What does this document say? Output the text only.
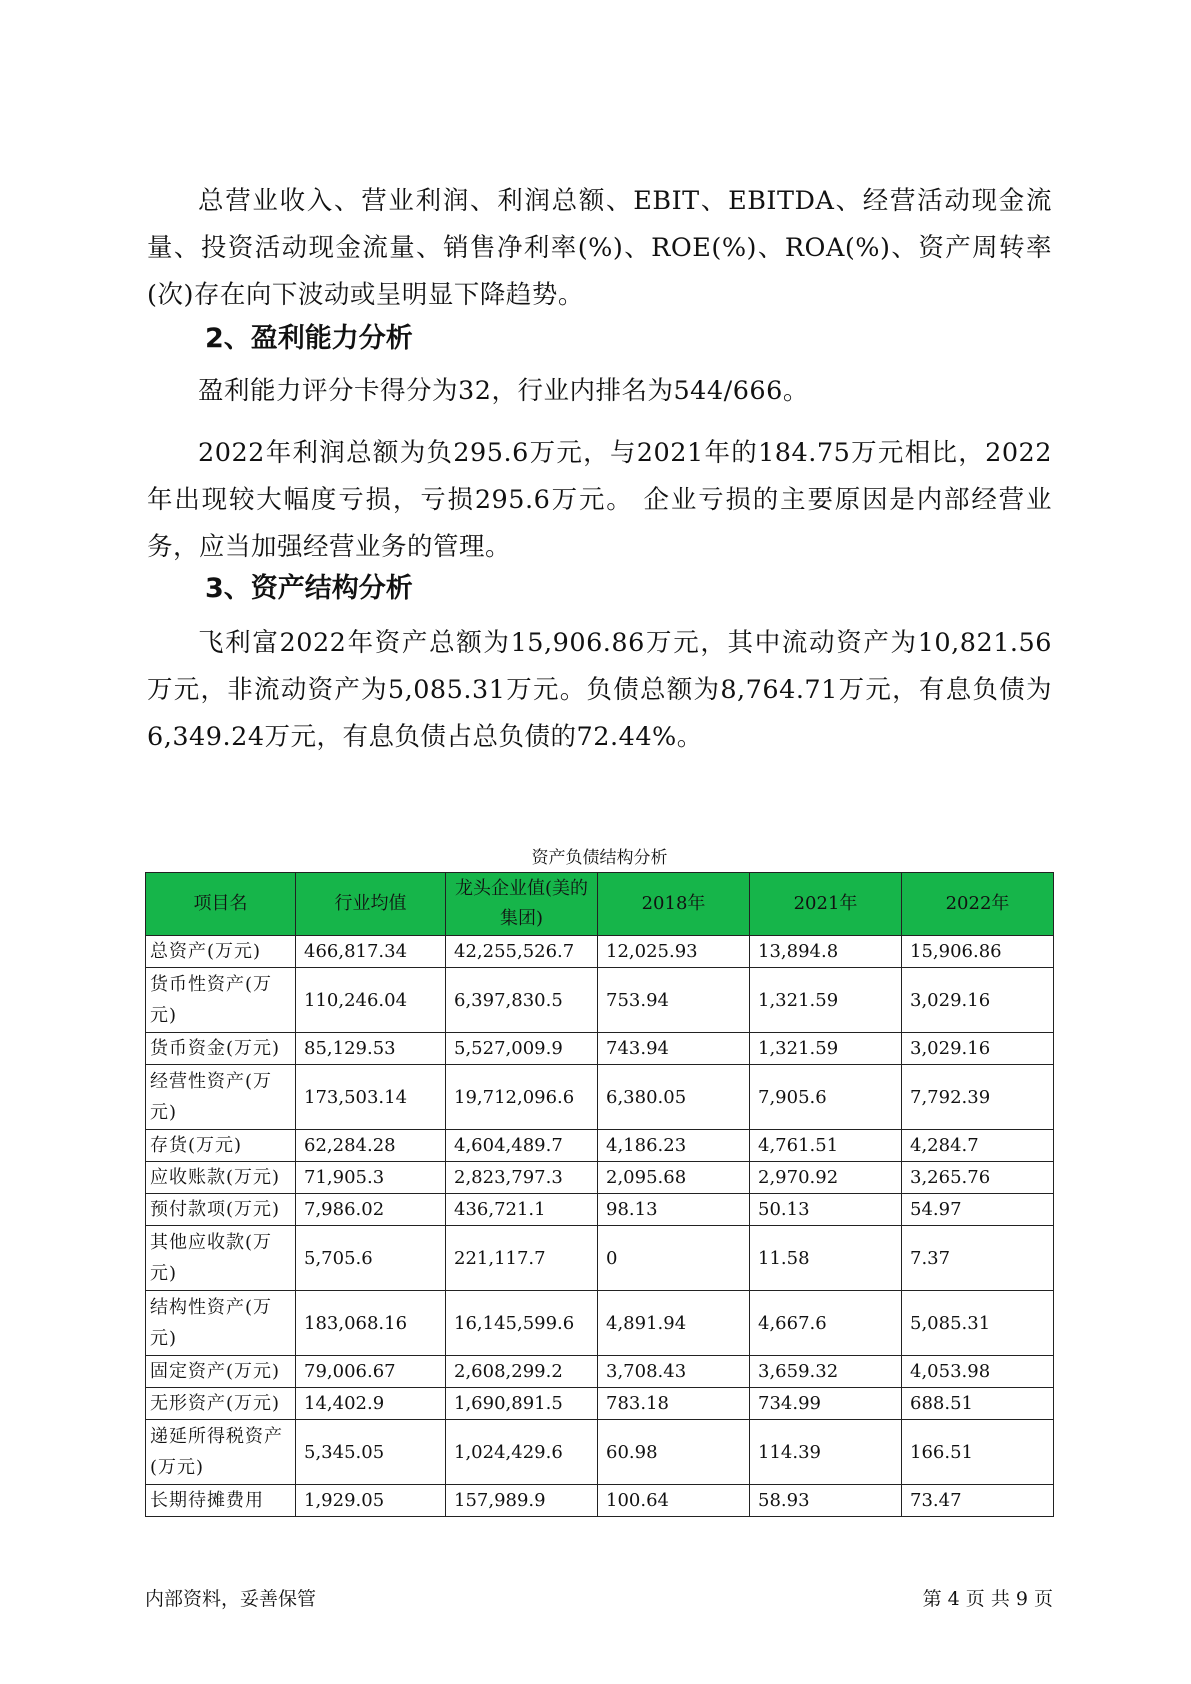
总营业收入、营业利润、利润总额、EBIT、EBITDA、经营活动现金流量、投资活动现金流量、销售净利率(%)、ROE(%)、ROA(%)、资产周转率(次)存在向下波动或呈明显下降趋势。

2、盈利能力分析

盈利能力评分卡得分为32，行业内排名为544/666。

2022年利润总额为负295.6万元，与2021年的184.75万元相比，2022年出现较大幅度亏损，亏损295.6万元。 企业亏损的主要原因是内部经营业务，应当加强经营业务的管理。

3、资产结构分析

飞利富2022年资产总额为15,906.86万元，其中流动资产为10,821.56万元，非流动资产为5,085.31万元。负债总额为8,764.71万元，有息负债为6,349.24万元，有息负债占总负债的72.44%。

资产负债结构分析
项目名	行业均值	龙头企业值(美的集团)	2018年	2021年	2022年
总资产(万元)	466,817.34	42,255,526.7	12,025.93	13,894.8	15,906.86
货币性资产(万元)	110,246.04	6,397,830.5	753.94	1,321.59	3,029.16
货币资金(万元)	85,129.53	5,527,009.9	743.94	1,321.59	3,029.16
经营性资产(万元)	173,503.14	19,712,096.6	6,380.05	7,905.6	7,792.39
存货(万元)	62,284.28	4,604,489.7	4,186.23	4,761.51	4,284.7
应收账款(万元)	71,905.3	2,823,797.3	2,095.68	2,970.92	3,265.76
预付款项(万元)	7,986.02	436,721.1	98.13	50.13	54.97
其他应收款(万元)	5,705.6	221,117.7	0	11.58	7.37
结构性资产(万元)	183,068.16	16,145,599.6	4,891.94	4,667.6	5,085.31
固定资产(万元)	79,006.67	2,608,299.2	3,708.43	3,659.32	4,053.98
无形资产(万元)	14,402.9	1,690,891.5	783.18	734.99	688.51
递延所得税资产(万元)	5,345.05	1,024,429.6	60.98	114.39	166.51
长期待摊费用	1,929.05	157,989.9	100.64	58.93	73.47
内部资料，妥善保管	第 4 页 共 9 页
